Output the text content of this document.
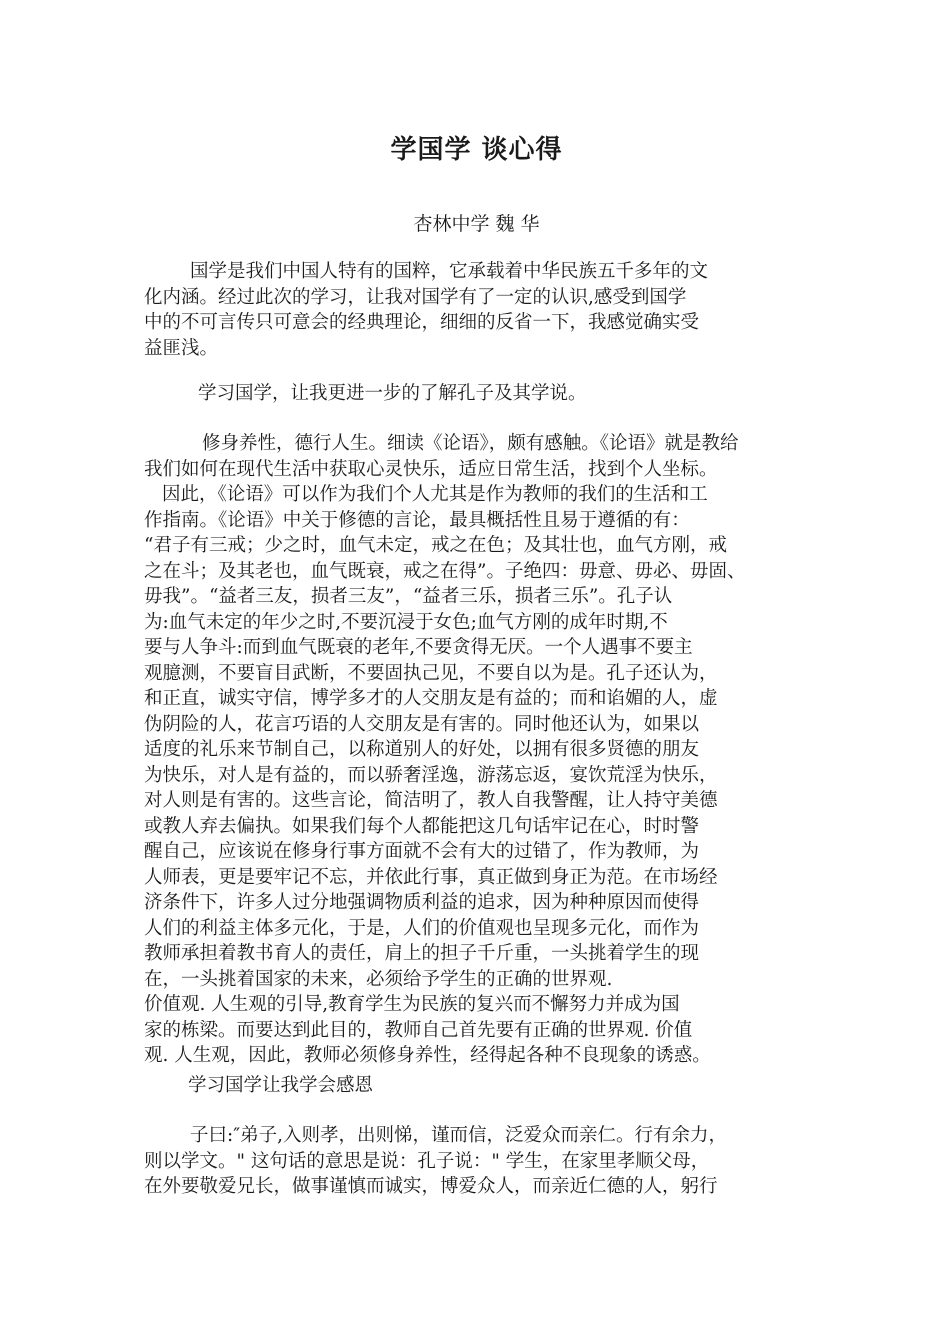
学国学 谈心得
杏林中学 魏 华
国学是我们中国人特有的国粹，它承载着中华民族五千多年的文
化内涵。经过此次的学习，让我对国学有了一定的认识,感受到国学
中的不可言传只可意会的经典理论，细细的反省一下，我感觉确实受
益匪浅。
学习国学，让我更进一步的了解孔子及其学说。
修身养性，德行人生。细读《论语》，颇有感触。《论语》就是教给
我们如何在现代生活中获取心灵快乐，适应日常生活，找到个人坐标。
因此，《论语》可以作为我们个人尤其是作为教师的我们的生活和工
作指南。《论语》中关于修德的言论，最具概括性且易于遵循的有：
“君子有三戒；少之时，血气未定，戒之在色；及其壮也，血气方刚，戒
之在斗；及其老也，血气既衰，戒之在得”。子绝四：毋意、毋必、毋固、
毋我”。“益者三友，损者三友”，“益者三乐，损者三乐”。孔子认
为:血气未定的年少之时,不要沉浸于女色;血气方刚的成年时期,不
要与人争斗:而到血气既衰的老年,不要贪得无厌。一个人遇事不要主
观臆测，不要盲目武断，不要固执己见，不要自以为是。孔子还认为，
和正直，诚实守信，博学多才的人交朋友是有益的；而和谄媚的人，虚
伪阴险的人，花言巧语的人交朋友是有害的。同时他还认为，如果以
适度的礼乐来节制自己，以称道别人的好处，以拥有很多贤德的朋友
为快乐，对人是有益的，而以骄奢淫逸，游荡忘返，宴饮荒淫为快乐，
对人则是有害的。这些言论，简洁明了，教人自我警醒，让人持守美德
或教人弃去偏执。如果我们每个人都能把这几句话牢记在心，时时警
醒自己，应该说在修身行事方面就不会有大的过错了，作为教师，为
人师表，更是要牢记不忘，并依此行事，真正做到身正为范。在市场经
济条件下，许多人过分地强调物质利益的追求，因为种种原因而使得
人们的利益主体多元化，于是，人们的价值观也呈现多元化，而作为
教师承担着教书育人的责任，肩上的担子千斤重，一头挑着学生的现
在，一头挑着国家的未来，必须给予学生的正确的世界观.
价值观. 人生观的引导,教育学生为民族的复兴而不懈努力并成为国
家的栋梁。而要达到此目的，教师自己首先要有正确的世界观. 价值
观. 人生观，因此，教师必须修身养性，经得起各种不良现象的诱惑。
学习国学让我学会感恩
子曰:″弟子,入则孝，出则悌，谨而信，泛爱众而亲仁。行有余力，
则以学文。" 这句话的意思是说：孔子说：" 学生，在家里孝顺父母，
在外要敬爱兄长，做事谨慎而诚实，博爱众人，而亲近仁德的人，躬行
